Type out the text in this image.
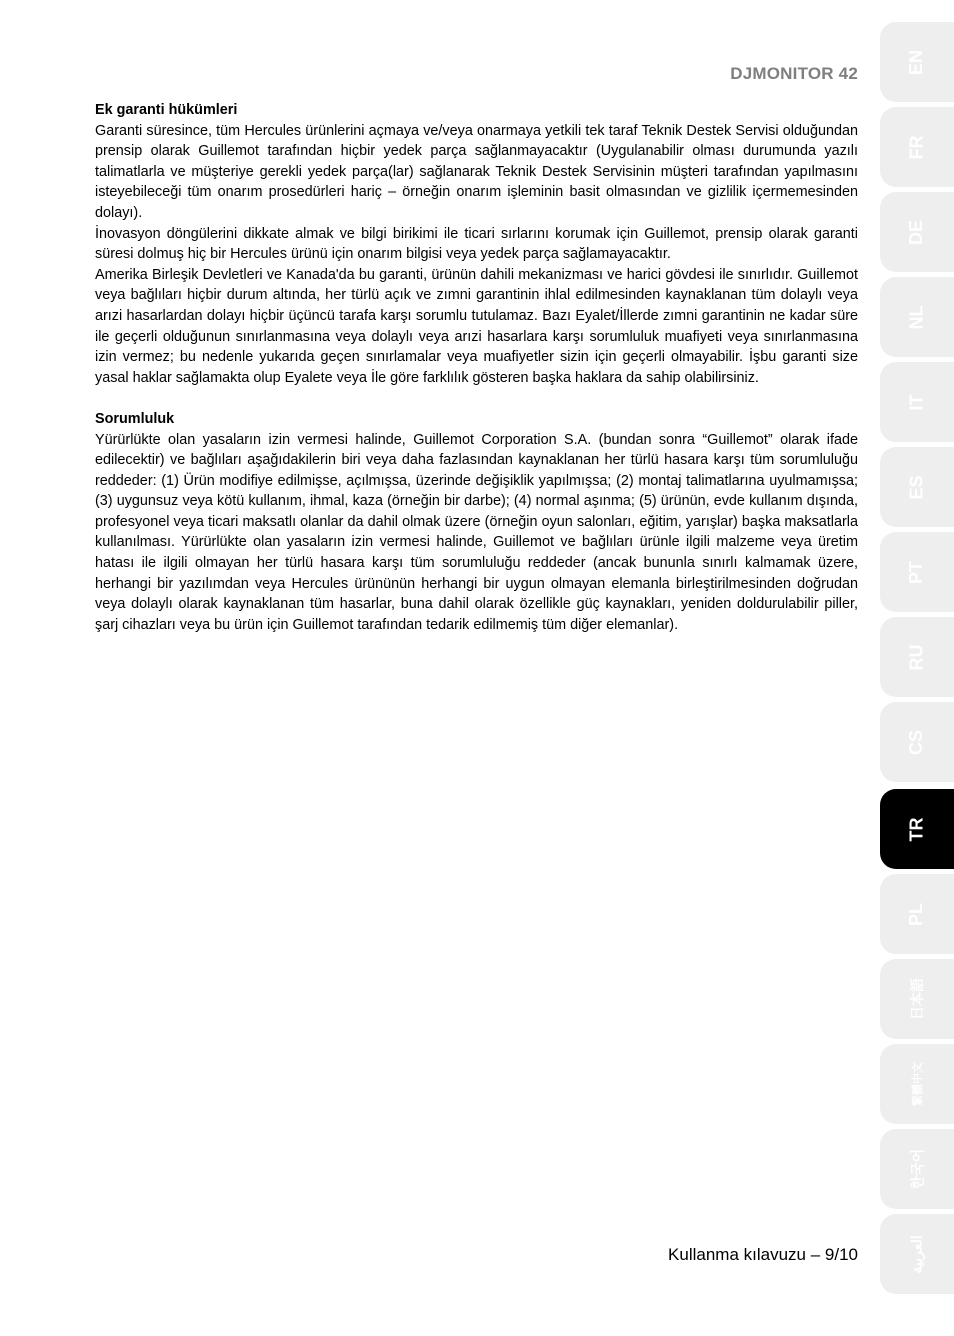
DJMONITOR 42
Ek garanti hükümleri

Garanti süresince, tüm Hercules ürünlerini açmaya ve/veya onarmaya yetkili tek taraf Teknik Destek Servisi olduğundan prensip olarak Guillemot tarafından hiçbir yedek parça sağlanmayacaktır (Uygulanabilir olması durumunda yazılı talimatlarla ve müşteriye gerekli yedek parça(lar) sağlanarak Teknik Destek Servisinin müşteri tarafından yapılmasını isteyebileceği tüm onarım prosedürleri hariç – örneğin onarım işleminin basit olmasından ve gizlilik içermemesinden dolayı).

İnovasyon döngülerini dikkate almak ve bilgi birikimi ile ticari sırlarını korumak için Guillemot, prensip olarak garanti süresi dolmuş hiç bir Hercules ürünü için onarım bilgisi veya yedek parça sağlamayacaktır.

Amerika Birleşik Devletleri ve Kanada'da bu garanti, ürünün dahili mekanizması ve harici gövdesi ile sınırlıdır. Guillemot veya bağlıları hiçbir durum altında, her türlü açık ve zımni garantinin ihlal edilmesinden kaynaklanan tüm dolaylı veya arızi hasarlardan dolayı hiçbir üçüncü tarafa karşı sorumlu tutulamaz. Bazı Eyalet/İllerde zımni garantinin ne kadar süre ile geçerli olduğunun sınırlanmasına veya dolaylı veya arızi hasarlara karşı sorumluluk muafiyeti veya sınırlanmasına izin vermez; bu nedenle yukarıda geçen sınırlamalar veya muafiyetler sizin için geçerli olmayabilir. İşbu garanti size yasal haklar sağlamakta olup Eyalete veya İle göre farklılık gösteren başka haklara da sahip olabilirsiniz.

Sorumluluk

Yürürlükte olan yasaların izin vermesi halinde, Guillemot Corporation S.A. (bundan sonra “Guillemot” olarak ifade edilecektir) ve bağlıları aşağıdakilerin biri veya daha fazlasından kaynaklanan her türlü hasara karşı tüm sorumluluğu reddeder: (1) Ürün modifiye edilmişse, açılmışsa, üzerinde değişiklik yapılmışsa; (2) montaj talimatlarına uyulmamışsa; (3) uygunsuz veya kötü kullanım, ihmal, kaza (örneğin bir darbe); (4) normal aşınma; (5) ürünün, evde kullanım dışında, profesyonel veya ticari maksatlı olanlar da dahil olmak üzere (örneğin oyun salonları, eğitim, yarışlar) başka maksatlarla kullanılması. Yürürlükte olan yasaların izin vermesi halinde, Guillemot ve bağlıları ürünle ilgili malzeme veya üretim hatası ile ilgili olmayan her türlü hasara karşı tüm sorumluluğu reddeder (ancak bununla sınırlı kalmamak üzere, herhangi bir yazılımdan veya Hercules ürününün herhangi bir uygun olmayan elemanla birleştirilmesinden doğrudan veya dolaylı olarak kaynaklanan tüm hasarlar, buna dahil olarak özellikle güç kaynakları, yeniden doldurulabilir piller, şarj cihazları veya bu ürün için Guillemot tarafından tedarik edilmemiş tüm diğer elemanlar).

Kullanma kılavuzu – 9/10
EN
FR
DE
NL
IT
ES
PT
RU
CS
TR
PL
日本語
繁體中文
한국어
العربية
